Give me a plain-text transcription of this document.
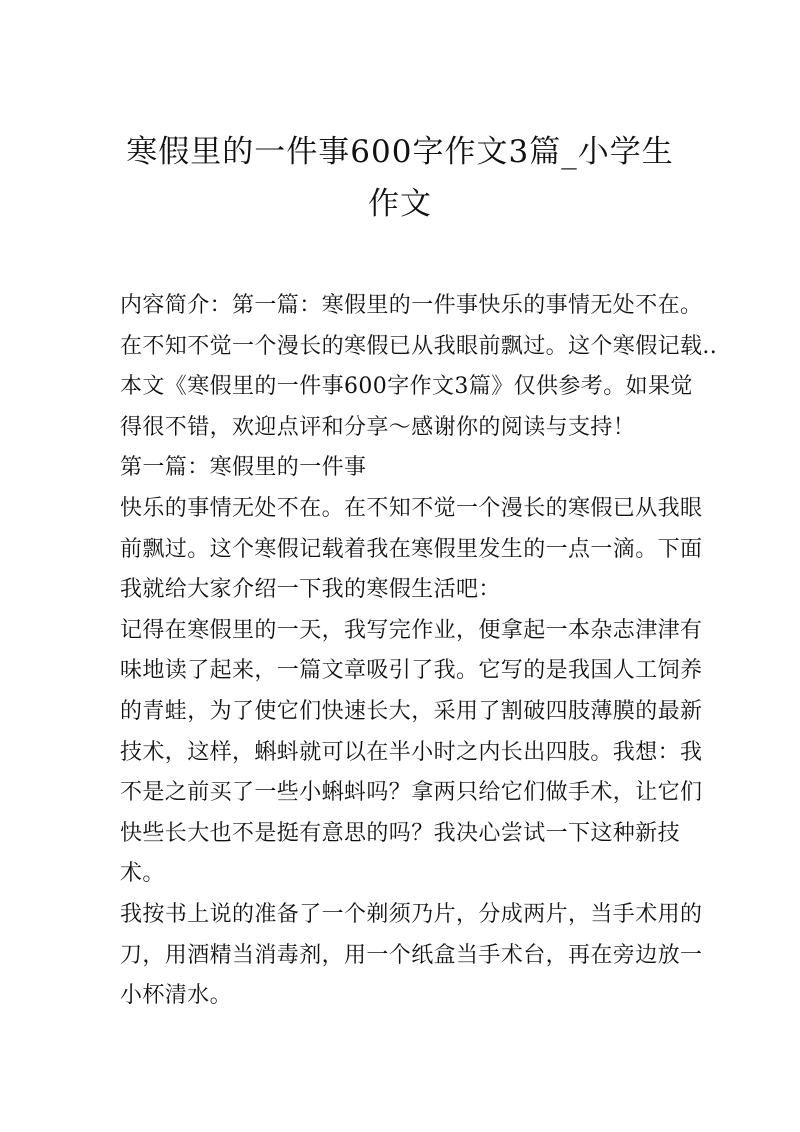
寒假里的一件事600字作文3篇_小学生作文
内容简介：第一篇：寒假里的一件事快乐的事情无处不在。
在不知不觉一个漫长的寒假已从我眼前飘过。这个寒假记载..
本文《寒假里的一件事600字作文3篇》仅供参考。如果觉
得很不错，欢迎点评和分享～感谢你的阅读与支持！
第一篇：寒假里的一件事
快乐的事情无处不在。在不知不觉一个漫长的寒假已从我眼
前飘过。这个寒假记载着我在寒假里发生的一点一滴。下面
我就给大家介绍一下我的寒假生活吧：
记得在寒假里的一天，我写完作业，便拿起一本杂志津津有
味地读了起来，一篇文章吸引了我。它写的是我国人工饲养
的青蛙，为了使它们快速长大，采用了割破四肢薄膜的最新
技术，这样，蝌蚪就可以在半小时之内长出四肢。我想：我
不是之前买了一些小蝌蚪吗？拿两只给它们做手术，让它们
快些长大也不是挺有意思的吗？我决心尝试一下这种新技
术。
我按书上说的准备了一个剃须乃片，分成两片，当手术用的
刀，用酒精当消毒剂，用一个纸盒当手术台，再在旁边放一
小杯清水。
